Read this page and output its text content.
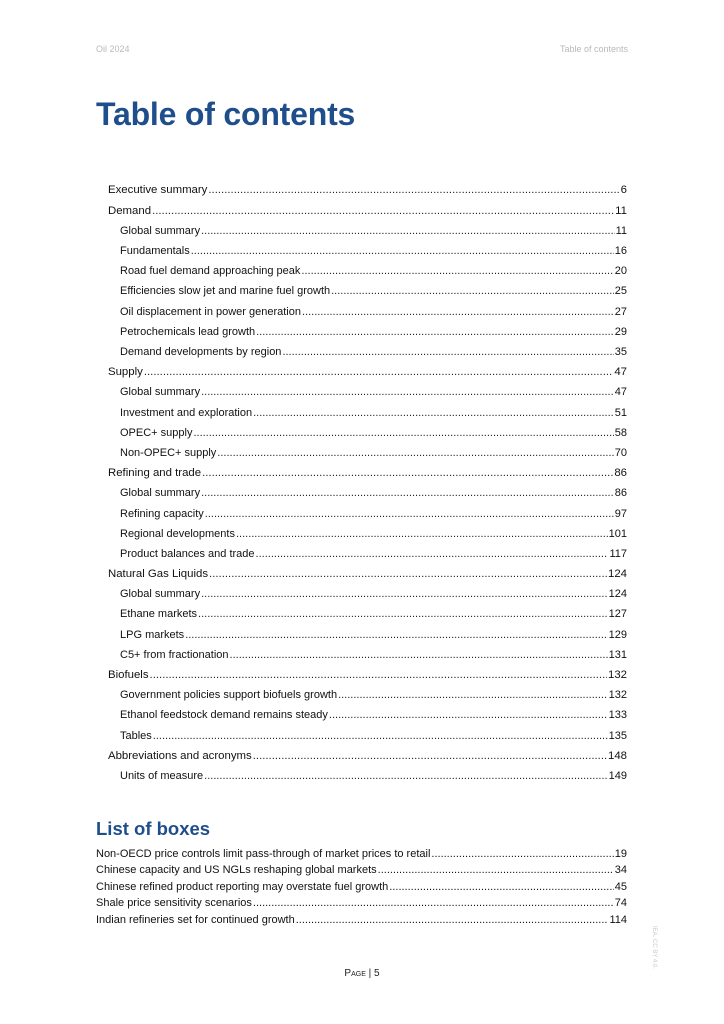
Oil 2024	Table of contents
Table of contents
Executive summary .....	6
Demand .....	11
Global summary .....	11
Fundamentals .....	16
Road fuel demand approaching peak .....	20
Efficiencies slow jet and marine fuel growth .....	25
Oil displacement in power generation .....	27
Petrochemicals lead growth .....	29
Demand developments by region .....	35
Supply .....	47
Global summary .....	47
Investment and exploration .....	51
OPEC+ supply .....	58
Non-OPEC+ supply .....	70
Refining and trade .....	86
Global summary .....	86
Refining capacity .....	97
Regional developments .....	101
Product balances and trade .....	117
Natural Gas Liquids .....	124
Global summary .....	124
Ethane markets .....	127
LPG markets .....	129
C5+ from fractionation .....	131
Biofuels .....	132
Government policies support biofuels growth .....	132
Ethanol feedstock demand remains steady .....	133
Tables .....	135
Abbreviations and acronyms .....	148
Units of measure .....	149
List of boxes
Non-OECD price controls limit pass-through of market prices to retail .....	19
Chinese capacity and US NGLs reshaping global markets .....	34
Chinese refined product reporting may overstate fuel growth .....	45
Shale price sensitivity scenarios .....	74
Indian refineries set for continued growth .....	114
Page | 5
IEA. CC BY 4.0.
